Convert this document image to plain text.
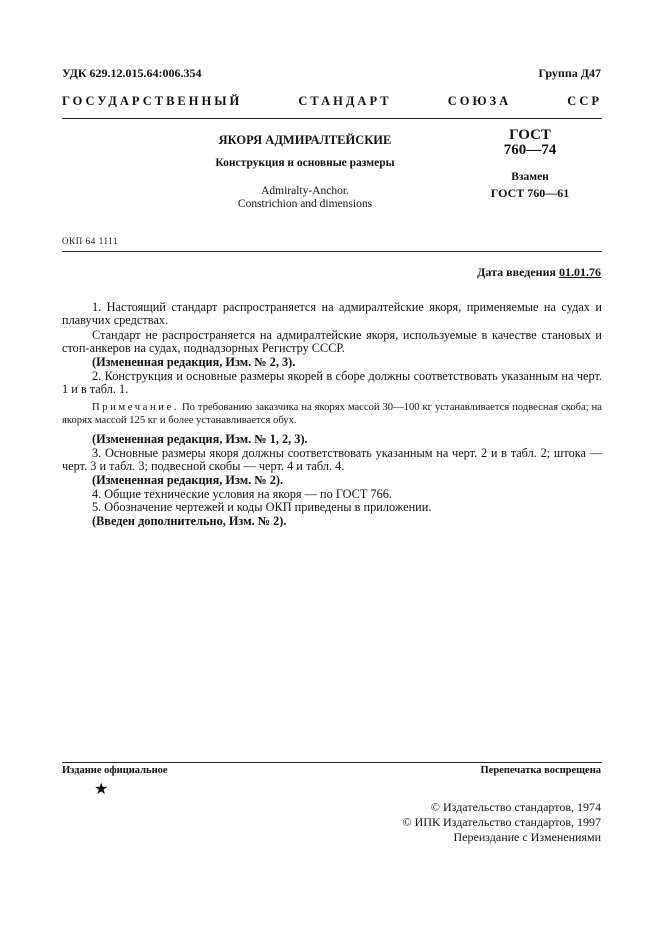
УДК 629.12.015.64:006.354	Группа Д47
ГОСУДАРСТВЕННЫЙ СТАНДАРТ СОЮЗА ССР
ЯКОРЯ АДМИРАЛТЕЙСКИЕ
Конструкция и основные размеры
Admiralty-Anchor.
Constrichion and dimensions
ГОСТ
760—74
Взамен
ГОСТ 760—61
ОКП 64 1111
Дата введения 01.01.76
1. Настоящий стандарт распространяется на адмиралтейские якоря, применяемые на судах и плавучих средствах.
Стандарт не распространяется на адмиралтейские якоря, используемые в качестве становых и стоп-анкеров на судах, поднадзорных Регистру СССР.
(Измененная редакция, Изм. № 2, 3).
2. Конструкция и основные размеры якорей в сборе должны соответствовать указанным на черт. 1 и в табл. 1.
Примечание. По требованию заказчика на якорях массой 30—100 кг устанавливается подвесная скоба; на якорях массой 125 кг и более устанавливается обух.
(Измененная редакция, Изм. № 1, 2, 3).
3. Основные размеры якоря должны соответствовать указанным на черт. 2 и в табл. 2; штока — черт. 3 и табл. 3; подвесной скобы — черт. 4 и табл. 4.
(Измененная редакция, Изм. № 2).
4. Общие технические условия на якоря — по ГОСТ 766.
5. Обозначение чертежей и коды ОКП приведены в приложении.
(Введен дополнительно, Изм. № 2).
Издание официальное	Перепечатка воспрещена
★
© Издательство стандартов, 1974
© ИПК Издательство стандартов, 1997
Переиздание с Изменениями
